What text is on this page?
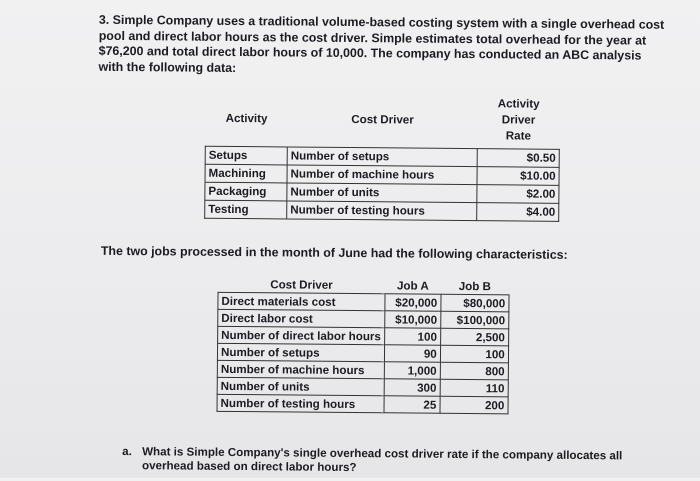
3. Simple Company uses a traditional volume-based costing system with a single overhead cost
pool and direct labor hours as the cost driver. Simple estimates total overhead for the year at
$76,200 and total direct labor hours of 10,000. The company has conducted an ABC analysis
with the following data:
Activity	Cost Driver	Activity
Driver
Rate

Setups	Number of setups	$0.50
Machining	Number of machine hours	$10.00
Packaging	Number of units	$2.00
Testing	Number of testing hours	$4.00
The two jobs processed in the month of June had the following characteristics:
Cost Driver	Job A	Job B
Direct materials cost	$20,000	$80,000
Direct labor cost	$10,000	$100,000
Number of direct labor hours	100	2,500
Number of setups	90	100
Number of machine hours	1,000	800
Number of units	300	110
Number of testing hours	25	200
a. What is Simple Company's single overhead cost driver rate if the company allocates all
overhead based on direct labor hours?
